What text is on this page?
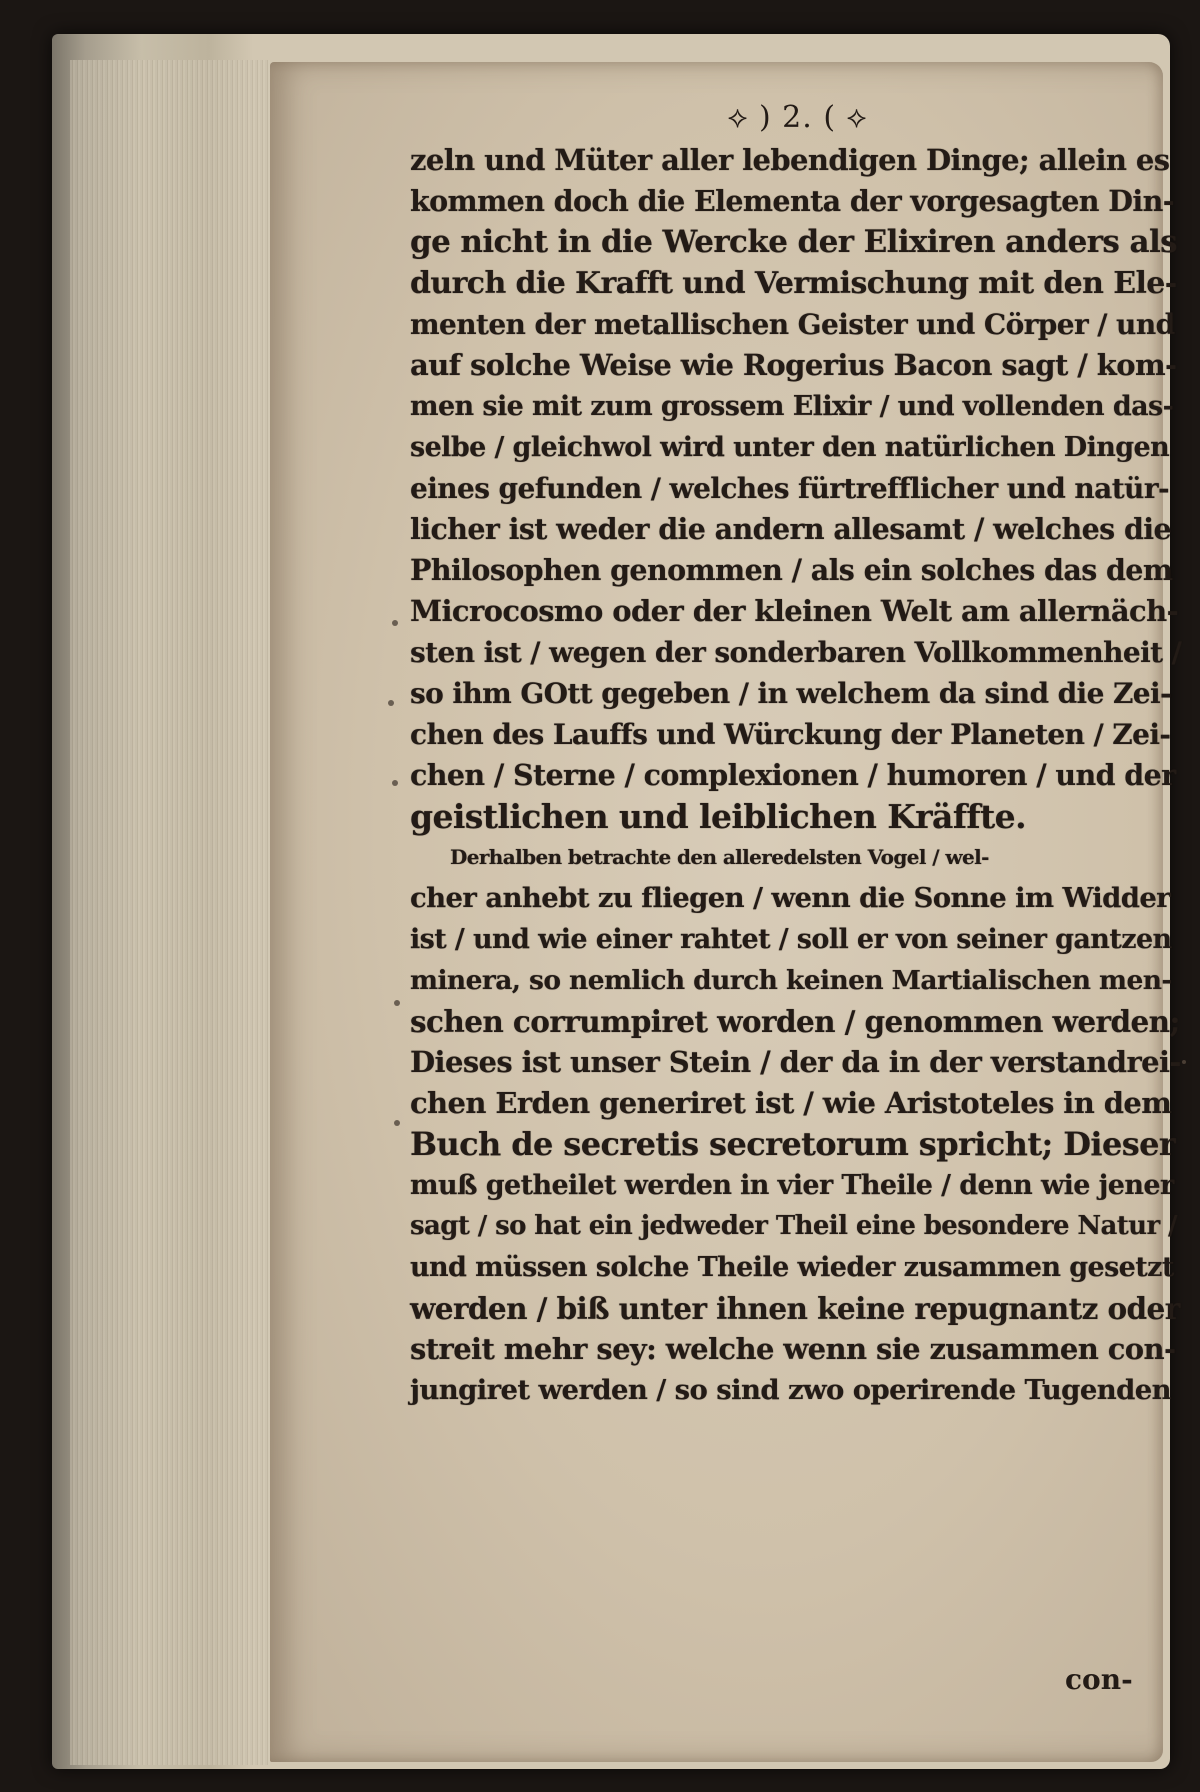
⟡ ) 2. ( ⟡
zeln und Müter aller lebendigen Dinge; allein es
kommen doch die Elementa der vorgesagten Din-
ge nicht in die Wercke der Elixiren anders als
durch die Krafft und Vermischung mit den Ele-
menten der metallischen Geister und Cörper / und
auf solche Weise wie Rogerius Bacon sagt / kom-
men sie mit zum grossem Elixir / und vollenden das-
selbe / gleichwol wird unter den natürlichen Dingen
eines gefunden / welches fürtrefflicher und natür-
licher ist weder die andern allesamt / welches die
Philosophen genommen / als ein solches das dem
Microcosmo oder der kleinen Welt am allernäch-
sten ist / wegen der sonderbaren Vollkommenheit /
so ihm GOtt gegeben / in welchem da sind die Zei-
chen des Lauffs und Würckung der Planeten / Zei-
chen / Sterne / complexionen / humoren / und der
geistlichen und leiblichen Kräffte.
Derhalben betrachte den alleredelsten Vogel / wel-
cher anhebt zu fliegen / wenn die Sonne im Widder
ist / und wie einer rahtet / soll er von seiner gantzen
minera, so nemlich durch keinen Martialischen men-
schen corrumpiret worden / genommen werden;
Dieses ist unser Stein / der da in der verstandrei-
chen Erden generiret ist / wie Aristoteles in dem
Buch de secretis secretorum spricht; Dieser
muß getheilet werden in vier Theile / denn wie jener
sagt / so hat ein jedweder Theil eine besondere Natur /
und müssen solche Theile wieder zusammen gesetzt
werden / biß unter ihnen keine repugnantz oder
streit mehr sey: welche wenn sie zusammen con-
jungiret werden / so sind zwo operirende Tugenden
con-
